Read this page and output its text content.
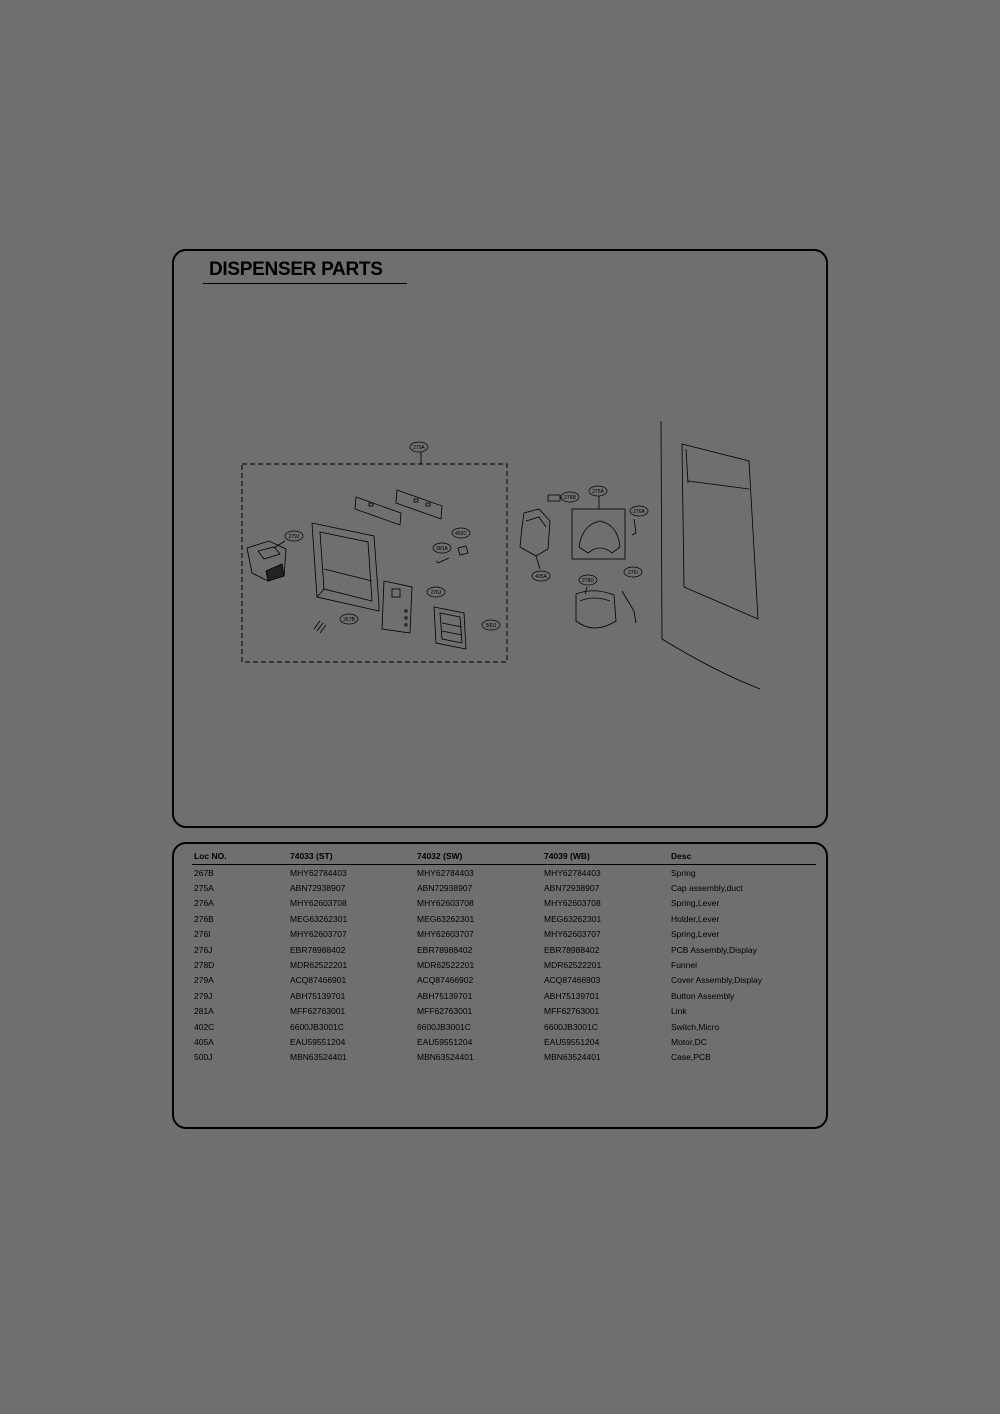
DISPENSER PARTS
279A
279J
276J
402C
281A
267B
500J
276B
275A
276A
405A
278D
276I
Loc NO.	74033 (ST)	74032 (SW)	74039 (WB)	Desc
267B	MHY62784403	MHY62784403	MHY62784403	Spring
275A	ABN72938907	ABN72938907	ABN72938907	Cap assembly,duct
276A	MHY62603708	MHY62603708	MHY62603708	Spring,Lever
276B	MEG63262301	MEG63262301	MEG63262301	Holder,Lever
276I	MHY62603707	MHY62603707	MHY62603707	Spring,Lever
276J	EBR78988402	EBR78988402	EBR78988402	PCB Assembly,Display
278D	MDR62522201	MDR62522201	MDR62522201	Funnel
279A	ACQ87466901	ACQ87466902	ACQ87466903	Cover Assembly,Display
279J	ABH75139701	ABH75139701	ABH75139701	Button Assembly
281A	MFF62763001	MFF62763001	MFF62763001	Link
402C	6600JB3001C	6600JB3001C	6600JB3001C	Switch,Micro
405A	EAU59551204	EAU59551204	EAU59551204	Motor,DC
500J	MBN63524401	MBN63524401	MBN63524401	Case,PCB
